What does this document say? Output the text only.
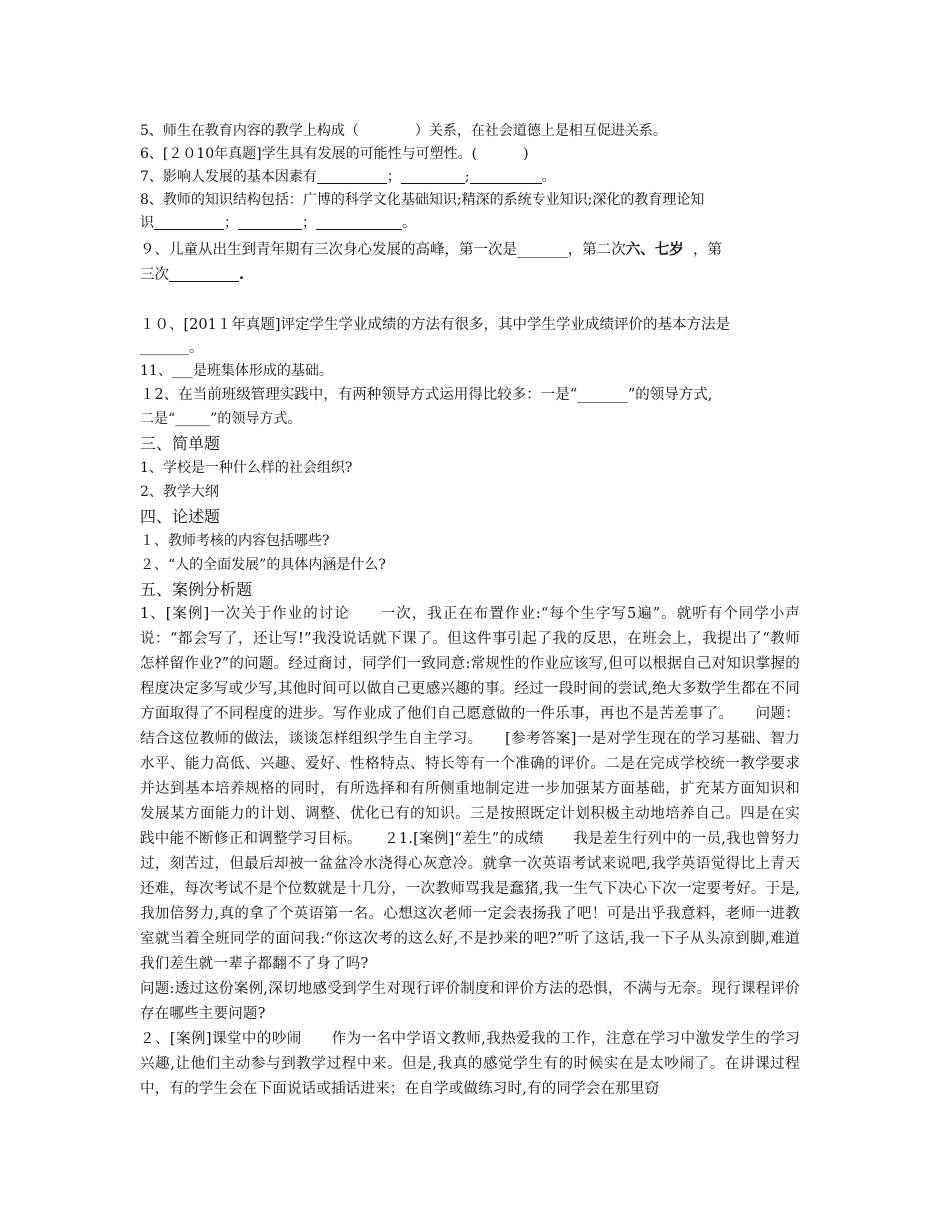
5、师生在教育内容的教学上构成（	）关系，在社会道德上是相互促进关系。
6、[２０10年真题]学生具有发展的可能性与可塑性。(	)
7、影响人发展的基本因素有	；	;	。
8、教师的知识结构包括：广博的科学文化基础知识;精深的系统专业知识;深化的教育理论知
识	；	；	。
９、儿童从出生到青年期有三次身心发展的高峰，第一次是_______，第二次六、七岁 ，第
三次	.
１０、[201１年真题]评定学生学业成绩的方法有很多，其中学生学业成绩评价的基本方法是
_______。
11、___是班集体形成的基础。
１2、在当前班级管理实践中，有两种领导方式运用得比较多：一是“_______”的领导方式,
二是“_____”的领导方式。
三、简单题
1、学校是一种什么样的社会组织?
2、教学大纲
四、论述题
１、教师考核的内容包括哪些?
２、“人的全面发展”的具体内涵是什么?
五、案例分析题
1、[案例]一次关于作业的讨论　　一次，我正在布置作业:“每个生字写5遍”。就听有个同学小声说：“都会写了，还让写!”我没说话就下课了。但这件事引起了我的反思，在班会上，我提出了“教师怎样留作业?”的问题。经过商讨，同学们一致同意:常规性的作业应该写,但可以根据自己对知识掌握的程度决定多写或少写,其他时间可以做自己更感兴趣的事。经过一段时间的尝试,绝大多数学生都在不同方面取得了不同程度的进步。写作业成了他们自己愿意做的一件乐事，再也不是苦差事了。　　问题：结合这位教师的做法，谈谈怎样组织学生自主学习。　　[参考答案]一是对学生现在的学习基础、智力水平、能力高低、兴趣、爱好、性格特点、特长等有一个准确的评价。二是在完成学校统一教学要求并达到基本培养规格的同时，有所选择和有所侧重地制定进一步加强某方面基础，扩充某方面知识和发展某方面能力的计划、调整、优化已有的知识。三是按照既定计划积极主动地培养自己。四是在实践中能不断修正和调整学习目标。　　２1.[案例]“差生”的成绩　　我是差生行列中的一员,我也曾努力过，刻苦过，但最后却被一盆盆冷水浇得心灰意冷。就拿一次英语考试来说吧,我学英语觉得比上青天还难，每次考试不是个位数就是十几分，一次教师骂我是蠢猪,我一生气下决心下次一定要考好。于是,我加倍努力,真的拿了个英语第一名。心想这次老师一定会表扬我了吧！可是出乎我意料，老师一进教室就当着全班同学的面问我:“你这次考的这么好,不是抄来的吧?”听了这话,我一下子从头凉到脚,难道我们差生就一辈子都翻不了身了吗?
问题:透过这份案例,深切地感受到学生对现行评价制度和评价方法的恐惧，不满与无奈。现行课程评价存在哪些主要问题?
２、[案例]课堂中的吵闹　　作为一名中学语文教师,我热爱我的工作，注意在学习中激发学生的学习兴趣,让他们主动参与到教学过程中来。但是,我真的感觉学生有的时候实在是太吵闹了。在讲课过程中，有的学生会在下面说话或插话进来；在自学或做练习时,有的同学会在那里窃
